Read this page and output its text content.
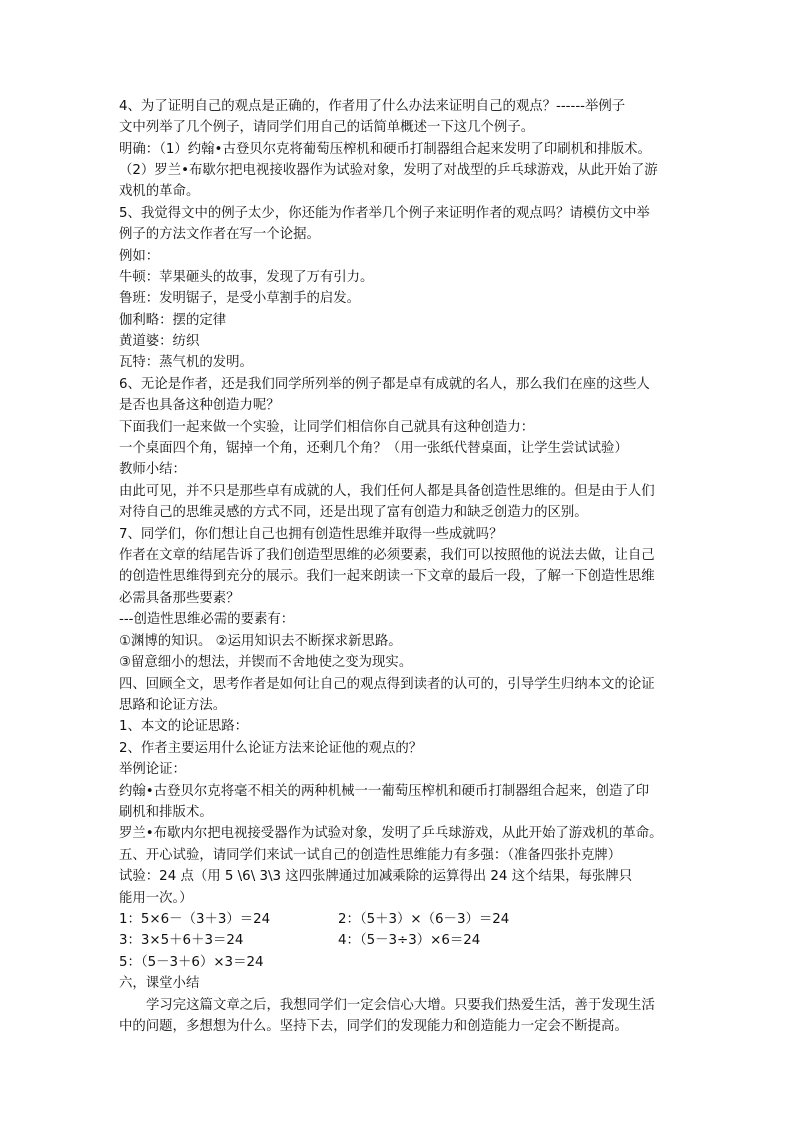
4、为了证明自己的观点是正确的，作者用了什么办法来证明自己的观点？------举例子
文中列举了几个例子，请同学们用自己的话简单概述一下这几个例子。
明确：（1）约翰•古登贝尔克将葡萄压榨机和硬币打制器组合起来发明了印刷机和排版术。
（2）罗兰•布歇尔把电视接收器作为试验对象，发明了对战型的乒乓球游戏，从此开始了游
戏机的革命。
5、我觉得文中的例子太少，你还能为作者举几个例子来证明作者的观点吗？请模仿文中举
例子的方法文作者在写一个论据。
例如：
牛顿：苹果砸头的故事，发现了万有引力。
鲁班：发明锯子，是受小草割手的启发。
伽利略：摆的定律
黄道婆：纺织
瓦特：蒸气机的发明。
6、无论是作者，还是我们同学所列举的例子都是卓有成就的名人，那么我们在座的这些人
是否也具备这种创造力呢？
下面我们一起来做一个实验，让同学们相信你自己就具有这种创造力：
一个桌面四个角，锯掉一个角，还剩几个角？（用一张纸代替桌面，让学生尝试试验）
教师小结：
由此可见，并不只是那些卓有成就的人，我们任何人都是具备创造性思维的。但是由于人们
对待自己的思维灵感的方式不同，还是出现了富有创造力和缺乏创造力的区别。
7、同学们，你们想让自己也拥有创造性思维并取得一些成就吗？
作者在文章的结尾告诉了我们创造型思维的必须要素，我们可以按照他的说法去做，让自己
的创造性思维得到充分的展示。我们一起来朗读一下文章的最后一段，了解一下创造性思维
必需具备那些要素？
---创造性思维必需的要素有：
①渊博的知识。 ②运用知识去不断探求新思路。
③留意细小的想法，并锲而不舍地使之变为现实。
四、回顾全文，思考作者是如何让自己的观点得到读者的认可的，引导学生归纳本文的论证
思路和论证方法。
1、本文的论证思路：
2、作者主要运用什么论证方法来论证他的观点的？
举例论证：
约翰•古登贝尔克将毫不相关的两种机械一一葡萄压榨机和硬币打制器组合起来，创造了印
刷机和排版术。
罗兰•布歇内尔把电视接受器作为试验对象，发明了乒乓球游戏，从此开始了游戏机的革命。
五、开心试验，请同学们来试一试自己的创造性思维能力有多强：（准备四张扑克牌）
试验：24 点（用 5 \6\ 3\3 这四张牌通过加减乘除的运算得出 24 这个结果，每张牌只
能用一次。）
1：5×6－（3＋3）＝24	2：（5＋3）×（6－3）＝24
3：3×5＋6＋3＝24	4：（5－3÷3）×6＝24
5：（5－3＋6）×3＝24
六，课堂小结
学习完这篇文章之后，我想同学们一定会信心大增。只要我们热爱生活，善于发现生活
中的问题，多想想为什么。坚持下去，同学们的发现能力和创造能力一定会不断提高。
